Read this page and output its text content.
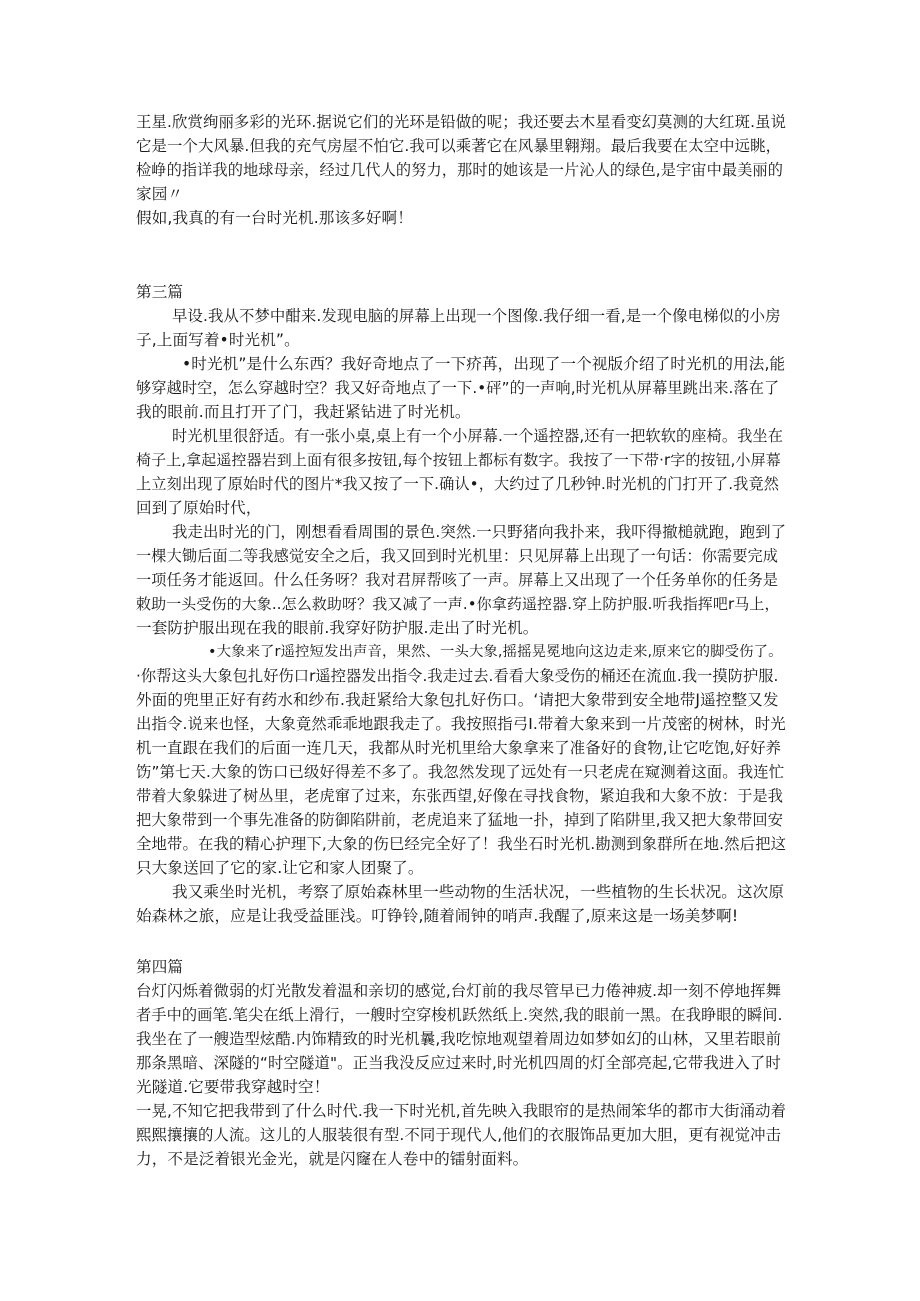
王星.欣赏绚丽多彩的光环.据说它们的光环是铅做的呢；我还要去木星看变幻莫测的大红斑.虽说
它是一个大风暴.但我的充气房屋不怕它.我可以乘著它在风暴里翱翔。最后我要在太空中远眺，
检峥的指详我的地球母亲，经过几代人的努力，那时的她该是一片沁人的绿色,是宇宙中最美丽的
家园〃
假如,我真的有一台时光机.那该多好啊！
第三篇
早设.我从不梦中酣来.发现电脑的屏幕上出现一个图像.我仔细一看,是一个像电梯似的小房
子,上面写着•时光机”。
•时光机”是什么东西？我好奇地点了一下疥苒，出现了一个视版介绍了时光机的用法,能
够穿越时空，怎么穿越时空？我又好奇地点了一下.•砰”的一声响,时光机从屏幕里跳出来.落在了
我的眼前.而且打开了门，我赶紧钻进了时光机。
时光机里很舒适。有一张小桌,桌上有一个小屏幕.一个遥控器,还有一把软软的座椅。我坐在
椅子上,拿起遥控器岩到上面有很多按钮,每个按钮上都标有数字。我按了一下带·r字的按钮,小屏幕
上立刻出现了原始时代的图片*我又按了一下.确认•，大约过了几秒钟.时光机的门打开了.我竟然
回到了原始时代，
我走出时光的门，刚想看看周围的景色.突然.一只野猪向我扑来，我吓得撤槌就跑，跑到了
一棵大锄后面二等我感觉安全之后，我又回到时光机里：只见屏幕上出现了一句话：你需要完成
一项任务才能返回。什么任务呀？我对君屏帮咳了一声。屏幕上又出现了一个任务单你的任务是
敕助一头受伤的大象..怎么救助呀？我又减了一声.•你拿药遥控器.穿上防护服.听我指挥吧r马上，
一套防护服出现在我的眼前.我穿好防护服.走出了时光机。
•大象来了r遥控短发出声音，果然、一头大象,摇摇晃冕地向这边走来,原来它的脚受伤了。
·你帮这头大象包扎好伤口r遥控器发出指令.我走过去.看看大象受伤的桶还在流血.我一摸防护服.
外面的兜里正好有药水和纱布.我赶紧给大象包扎好伤口。‘请把大象带到安全地带J遥控整又发
出指令.说来也怪，大象竟然乖乖地跟我走了。我按照指弓I.带着大象来到一片茂密的树林，时光
机一直跟在我们的后面一连几天，我都从时光机里给大象拿来了准备好的食物,让它吃饱,好好养
饬”第七天.大象的饬口已级好得差不多了。我忽然发现了远处有一只老虎在窥测着这面。我连忙
带着大象躲进了树丛里，老虎窜了过来，东张西望,好像在寻找食物，紧迫我和大象不放：于是我
把大象带到一个事先准备的防御陷阱前，老虎追来了猛地一扑，掉到了陷阱里,我又把大象带回安
全地带。在我的精心护理下,大象的伤巳经完全好了！我坐石时光机.勘测到象群所在地.然后把这
只大象送回了它的家.让它和家人团聚了。
我又乘坐时光机，考察了原始森林里一些动物的生活状况，一些植物的生长状况。这次原
始森林之旅，应是让我受益匪浅。叮铮铃,随着闹钟的哨声.我醒了,原来这是一场美梦啊!
第四篇
台灯闪烁着微弱的灯光散发着温和亲切的感觉,台灯前的我尽管早已力倦神疲.却一刻不停地挥舞
者手中的画笔.笔尖在纸上滑行，一艘时空穿梭机跃然纸上.突然,我的眼前一黑。在我睁眼的瞬间.
我坐在了一艘造型炫酷.内饰精致的时光机曩,我吃惊地观望着周边如梦如幻的山林，又里若眼前
那条黑暗、深隧的“时空隧道"。正当我没反应过来时,时光机四周的灯全部亮起,它带我进入了时
光隧道.它要带我穿越时空！
一晃,不知它把我带到了什么时代.我一下时光机,首先映入我眼帘的是热闹笨华的都市大街涌动着
熙熙攘攘的人流。这儿的人服装很有型.不同于现代人,他们的衣服饰品更加大胆，更有视觉冲击
力，不是泛着银光金光，就是闪窿在人卷中的镭射面料。
